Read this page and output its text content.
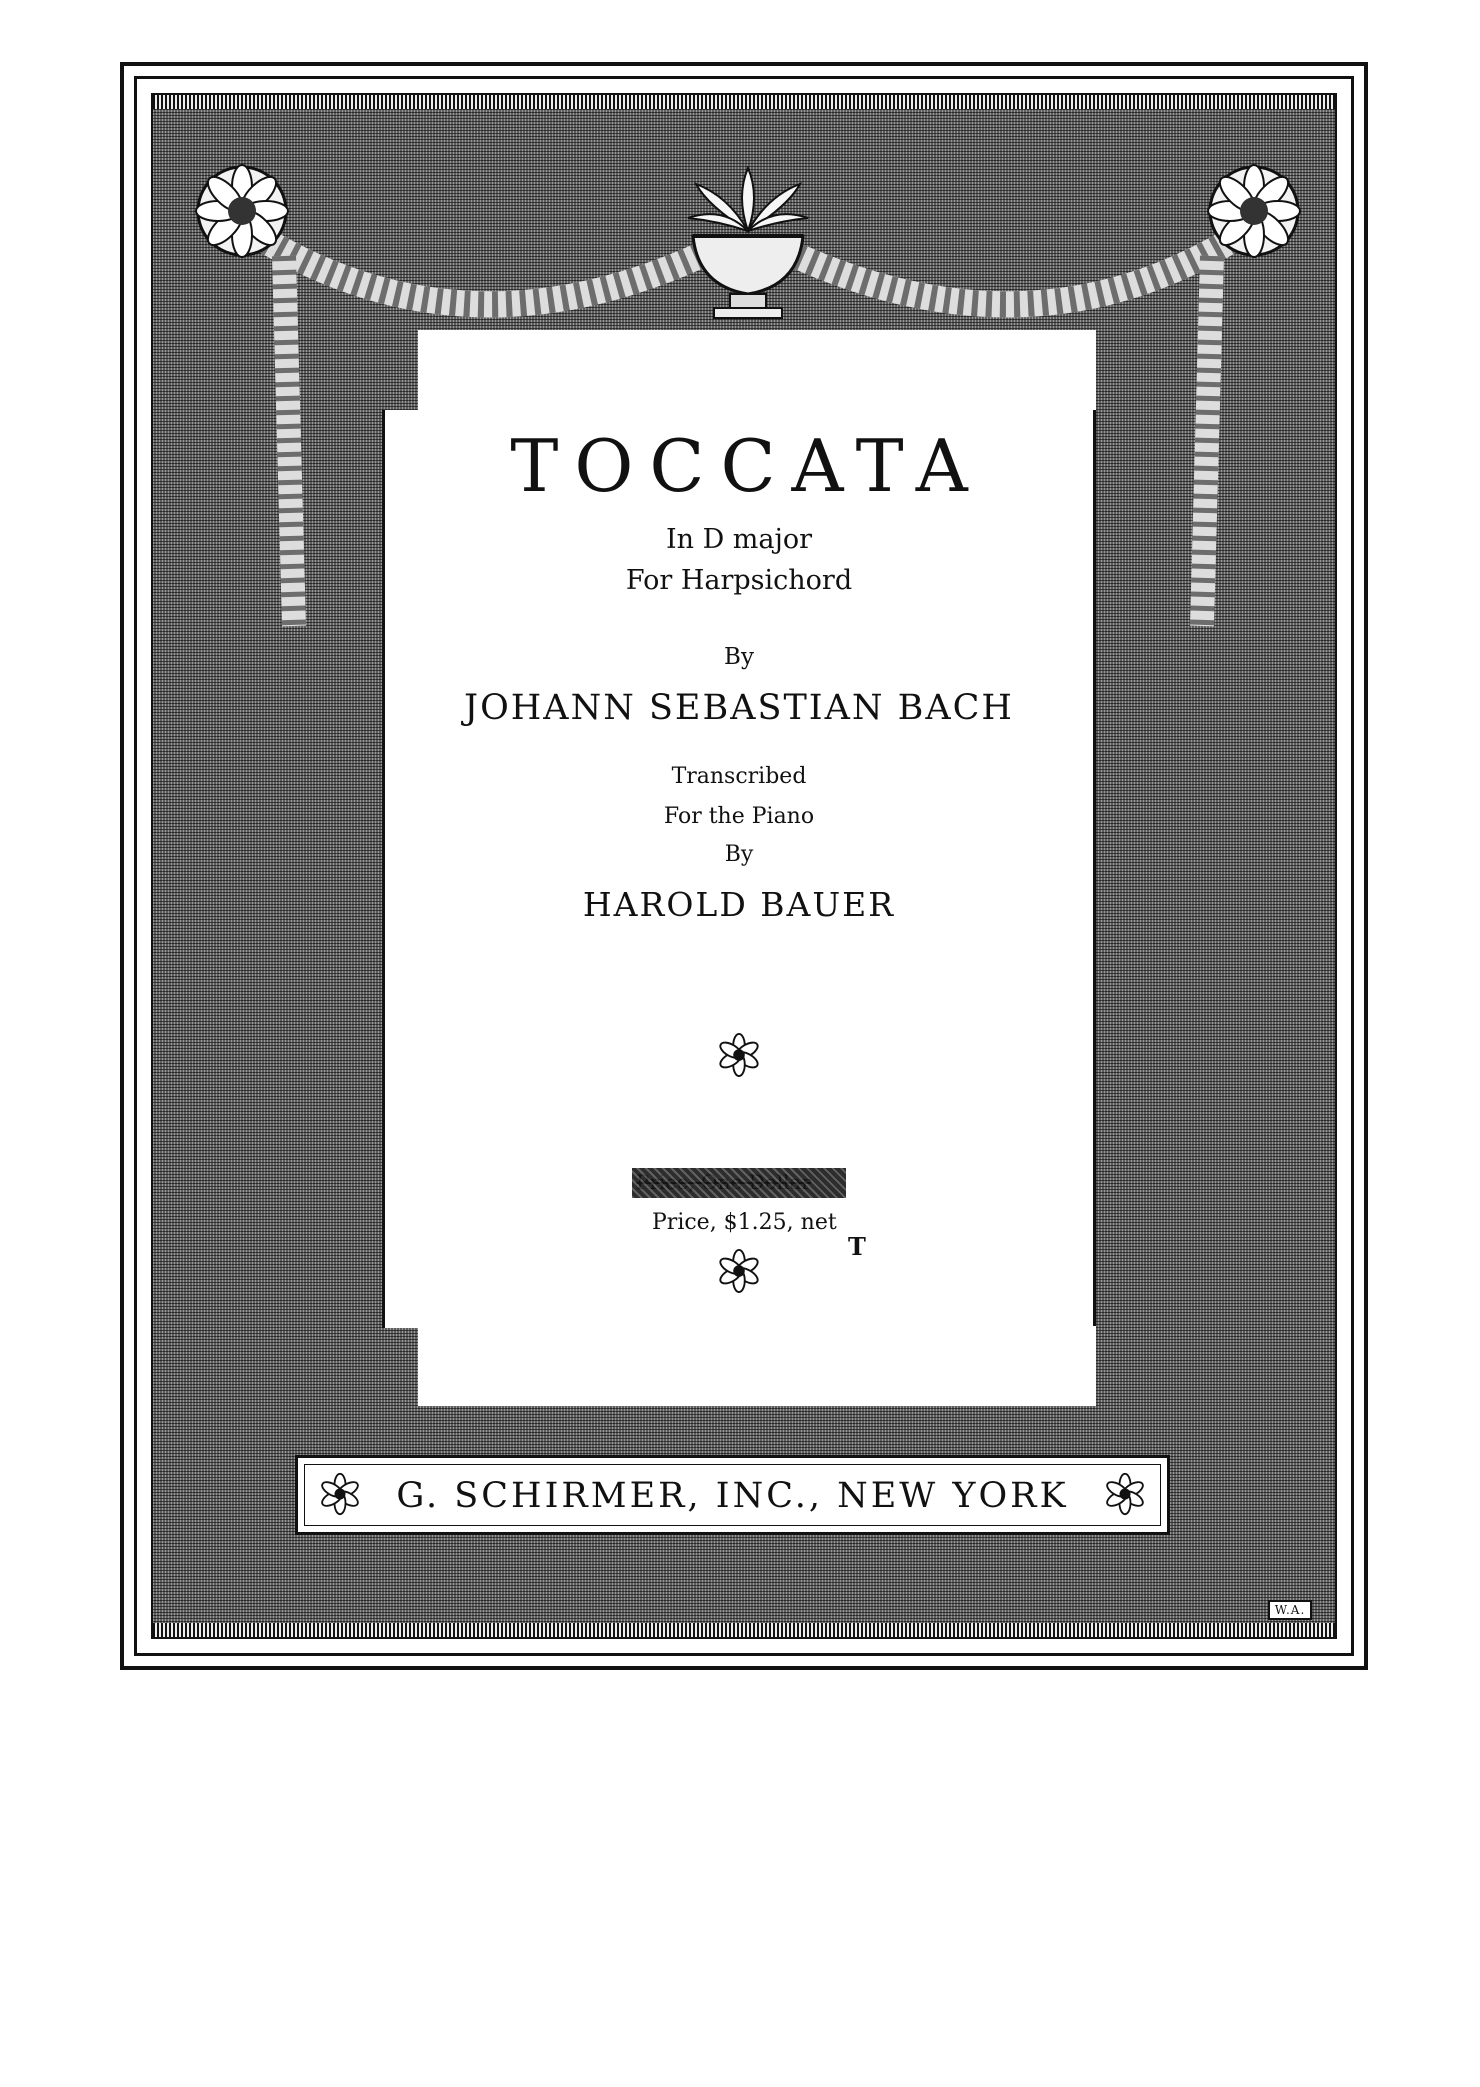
TOCCATA

In D major

For Harpsichord

By

JOHANN SEBASTIAN BACH

Transcribed

For the Piano

By

HAROLD BAUER

Price, $1.25, net
T
G. SCHIRMER, INC., NEW YORK
W.A.
